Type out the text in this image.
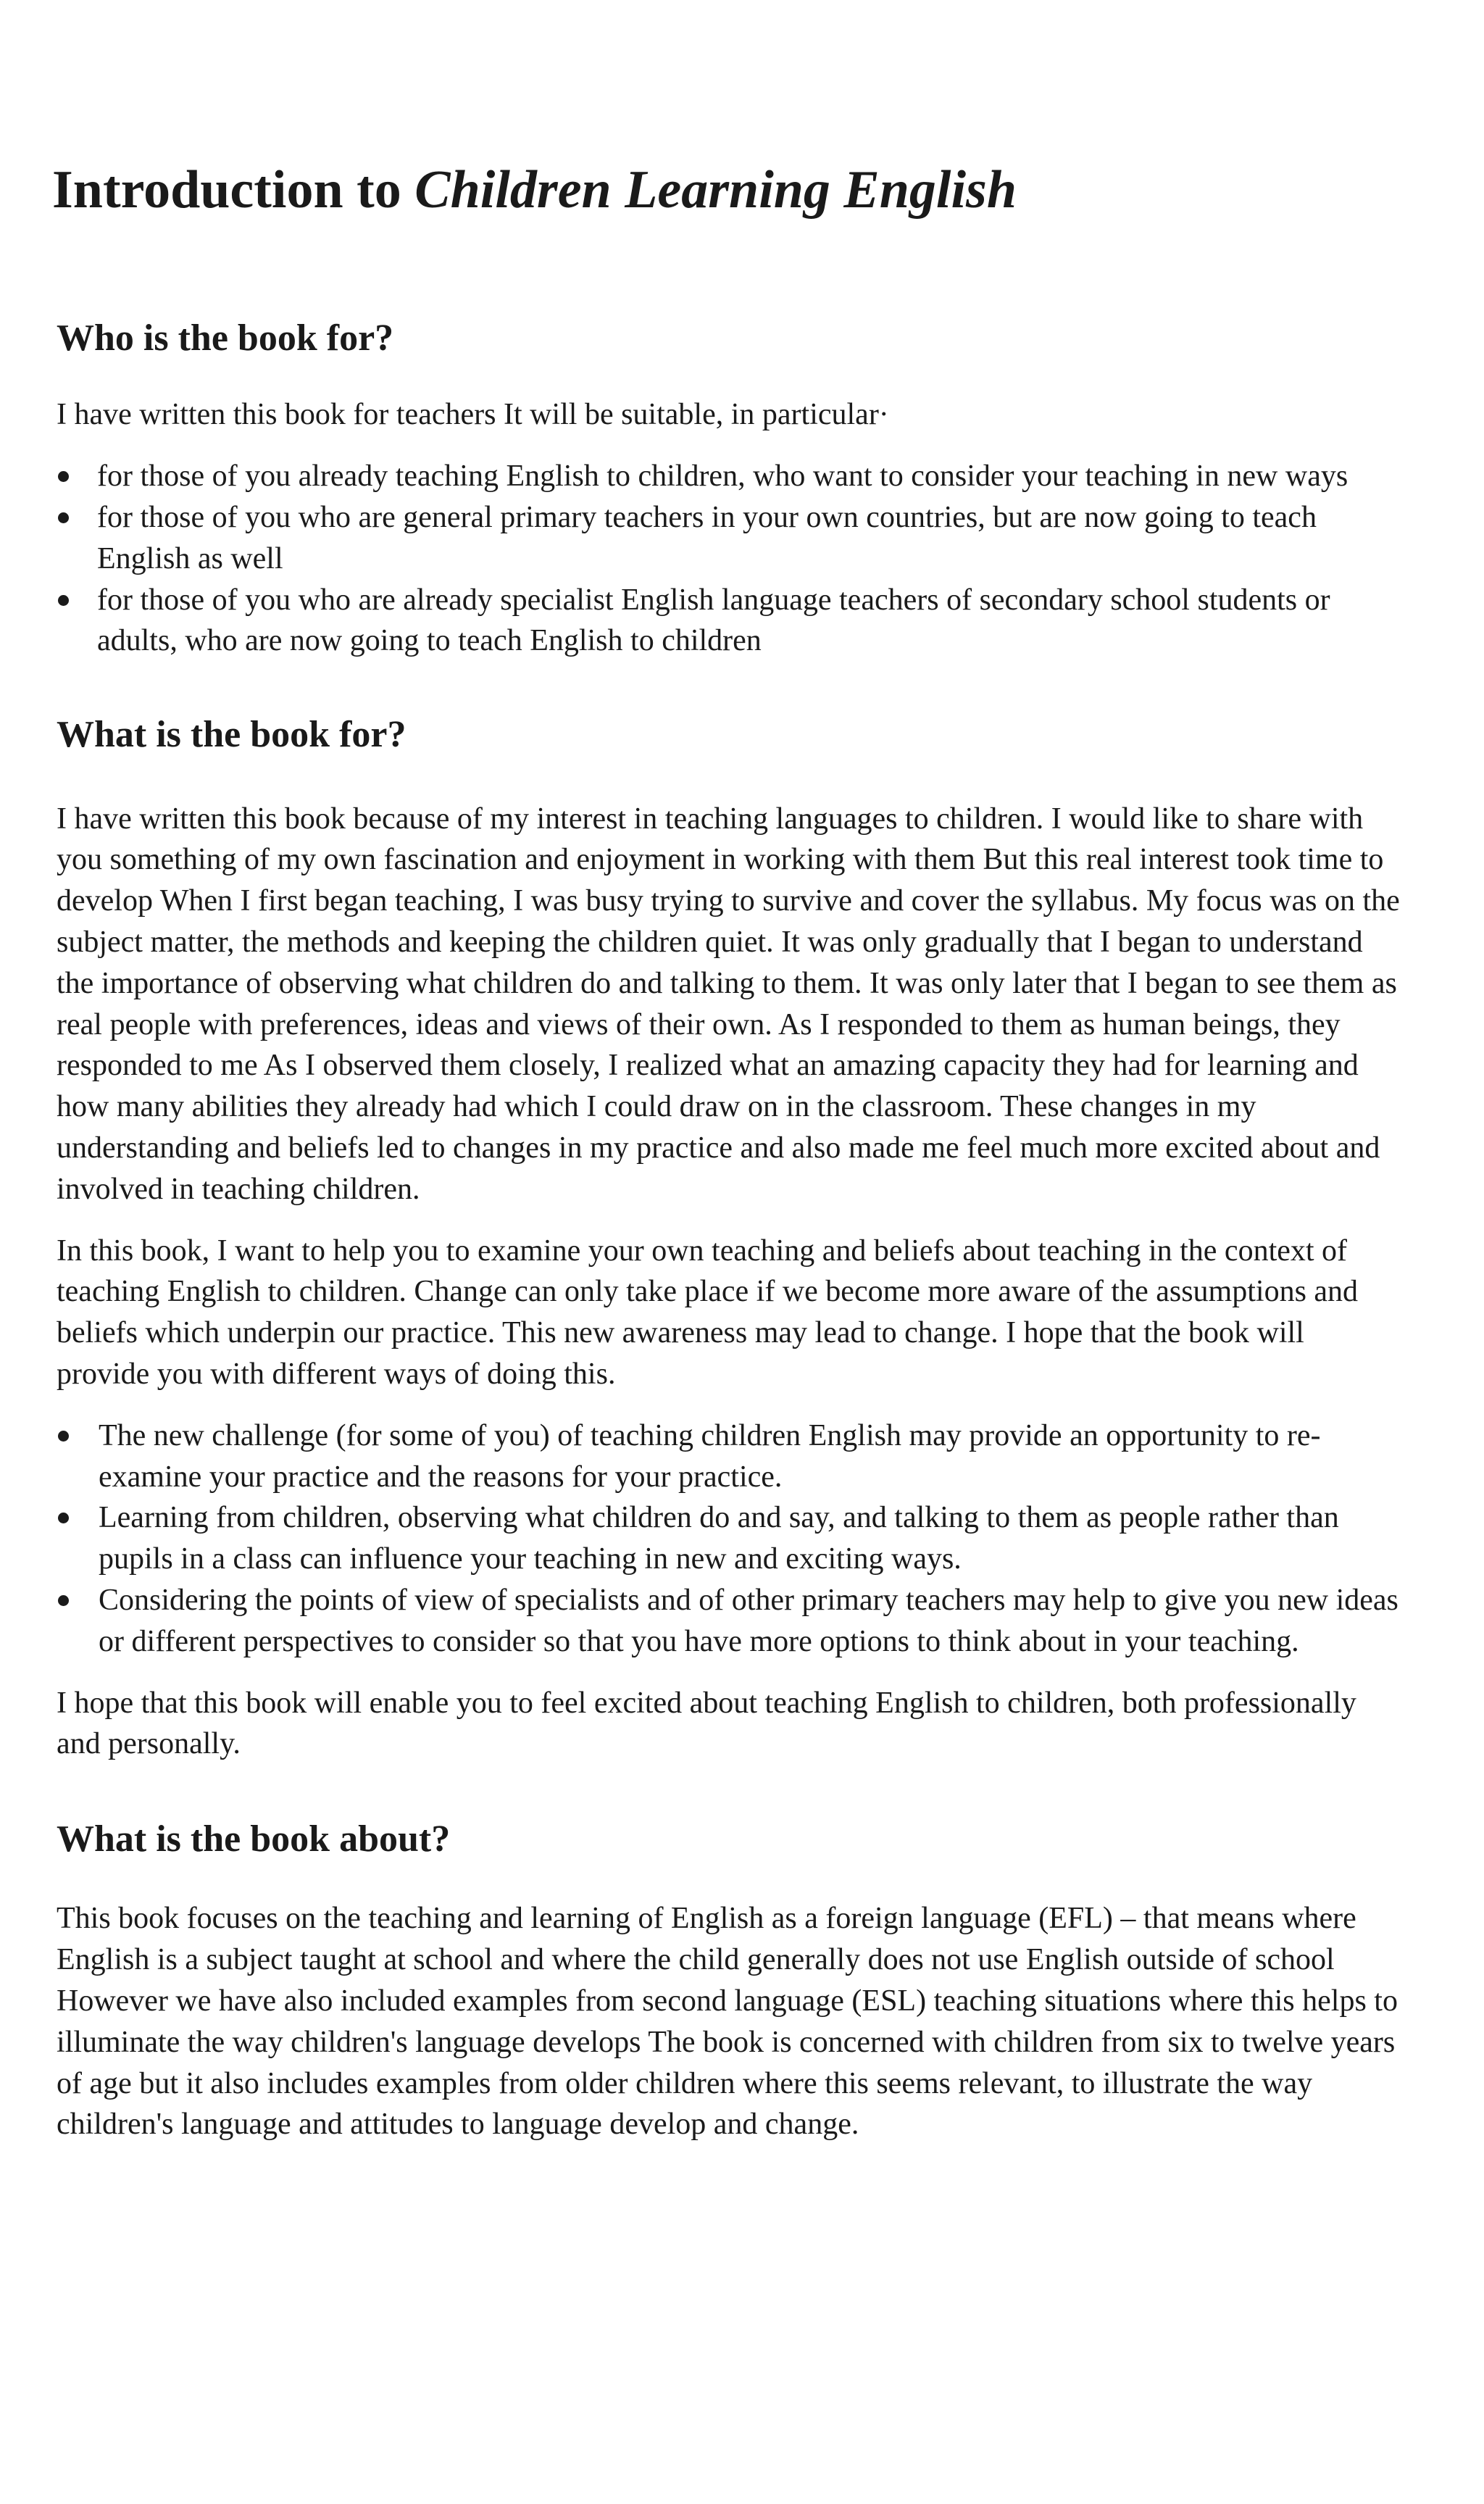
Introduction to Children Learning English
Who is the book for?

I have written this book for teachers It will be suitable, in particular·

for those of you already teaching English to children, who want to consider your teaching in new ways
for those of you who are general primary teachers in your own countries, but are now going to teach English as well
for those of you who are already specialist English language teachers of secondary school students or adults, who are now going to teach English to children
What is the book for?

I have written this book because of my interest in teaching languages to children. I would like to share with you something of my own fascination and enjoyment in working with them But this real interest took time to develop When I first began teaching, I was busy trying to survive and cover the syllabus. My focus was on the subject matter, the methods and keeping the children quiet. It was only gradually that I began to understand the importance of observing what children do and talking to them. It was only later that I began to see them as real people with preferences, ideas and views of their own. As I responded to them as human beings, they responded to me As I observed them closely, I realized what an amazing capacity they had for learning and how many abilities they already had which I could draw on in the classroom. These changes in my understanding and beliefs led to changes in my practice and also made me feel much more excited about and involved in teaching children.

In this book, I want to help you to examine your own teaching and beliefs about teaching in the context of teaching English to children. Change can only take place if we become more aware of the assumptions and beliefs which underpin our practice. This new awareness may lead to change. I hope that the book will provide you with different ways of doing this.

The new challenge (for some of you) of teaching children English may provide an opportunity to re-examine your practice and the reasons for your practice.
Learning from children, observing what children do and say, and talking to them as people rather than pupils in a class can influence your teaching in new and exciting ways.
Considering the points of view of specialists and of other primary teachers may help to give you new ideas or different perspectives to consider so that you have more options to think about in your teaching.

I hope that this book will enable you to feel excited about teaching English to children, both professionally and personally.

What is the book about?

This book focuses on the teaching and learning of English as a foreign language (EFL) – that means where English is a subject taught at school and where the child generally does not use English outside of school However we have also included examples from second language (ESL) teaching situations where this helps to illuminate the way children's language develops The book is concerned with children from six to twelve years of age but it also includes examples from older children where this seems relevant, to illustrate the way children's language and attitudes to language develop and change.
